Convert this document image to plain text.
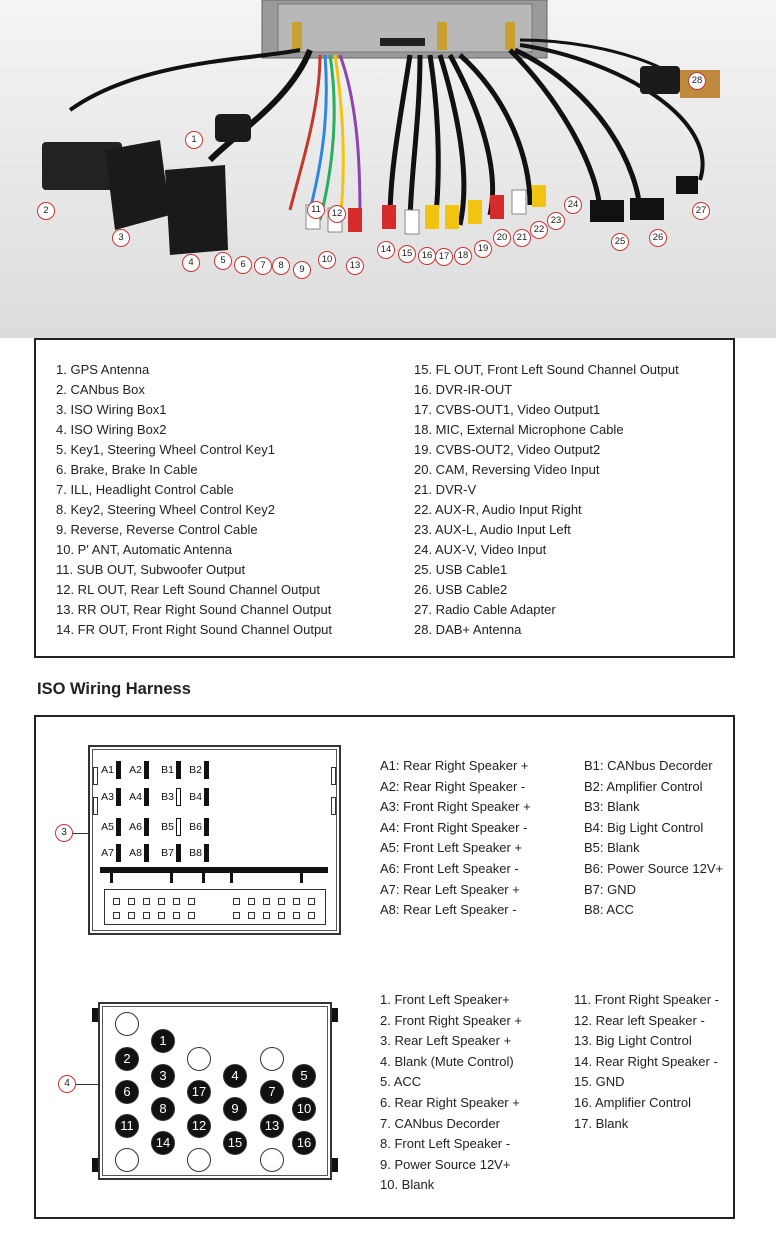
1
2
3
4	5	6	7	8	9
10
11	12
13
14	15 16 17 18
19
20 21
22
23
24
25	26
27
28
1. GPS Antenna
2. CANbus Box
3. ISO Wiring Box1
4. ISO Wiring Box2
5. Key1, Steering Wheel Control Key1
6. Brake, Brake In Cable
7. ILL, Headlight Control Cable
8. Key2, Steering Wheel Control Key2
9. Reverse, Reverse Control Cable
10. P' ANT, Automatic Antenna
11. SUB OUT, Subwoofer Output
12. RL OUT, Rear Left Sound Channel Output
13. RR OUT, Rear Right Sound Channel Output
14. FR OUT, Front Right Sound Channel Output
15. FL OUT, Front Left Sound Channel Output
16. DVR-IR-OUT
17. CVBS-OUT1, Video Output1
18. MIC, External Microphone Cable
19. CVBS-OUT2, Video Output2
20. CAM, Reversing Video Input
21. DVR-V
22. AUX-R, Audio Input Right
23. AUX-L, Audio Input Left
24. AUX-V, Video Input
25. USB Cable1
26. USB Cable2
27. Radio Cable Adapter
28. DAB+ Antenna
ISO Wiring Harness
3
A1	A2
A3	A4
A5	A6
A7	A8
B1	B2
B3	B4
B5	B6
B7	B8
A1: Rear Right Speaker +
A2: Rear Right Speaker -
A3: Front Right Speaker +
A4: Front Right Speaker -
A5: Front Left Speaker +
A6: Front Left Speaker -
A7: Rear Left Speaker +
A8: Rear Left Speaker -
B1: CANbus Decorder
B2: Amplifier Control
B3: Blank
B4: Big Light Control
B5: Blank
B6: Power Source 12V+
B7: GND
B8: ACC
4
1
2
3	4	5
6	17	7
8	9	10
11	12	13
14	15	16
1. Front Left Speaker+
2. Front Right Speaker +
3. Rear Left Speaker +
4. Blank (Mute Control)
5. ACC
6. Rear Right Speaker +
7. CANbus Decorder
8. Front Left Speaker -
9. Power Source 12V+
10. Blank
11. Front Right Speaker -
12. Rear left Speaker -
13. Big Light Control
14. Rear Right Speaker -
15. GND
16. Amplifier Control
17. Blank
